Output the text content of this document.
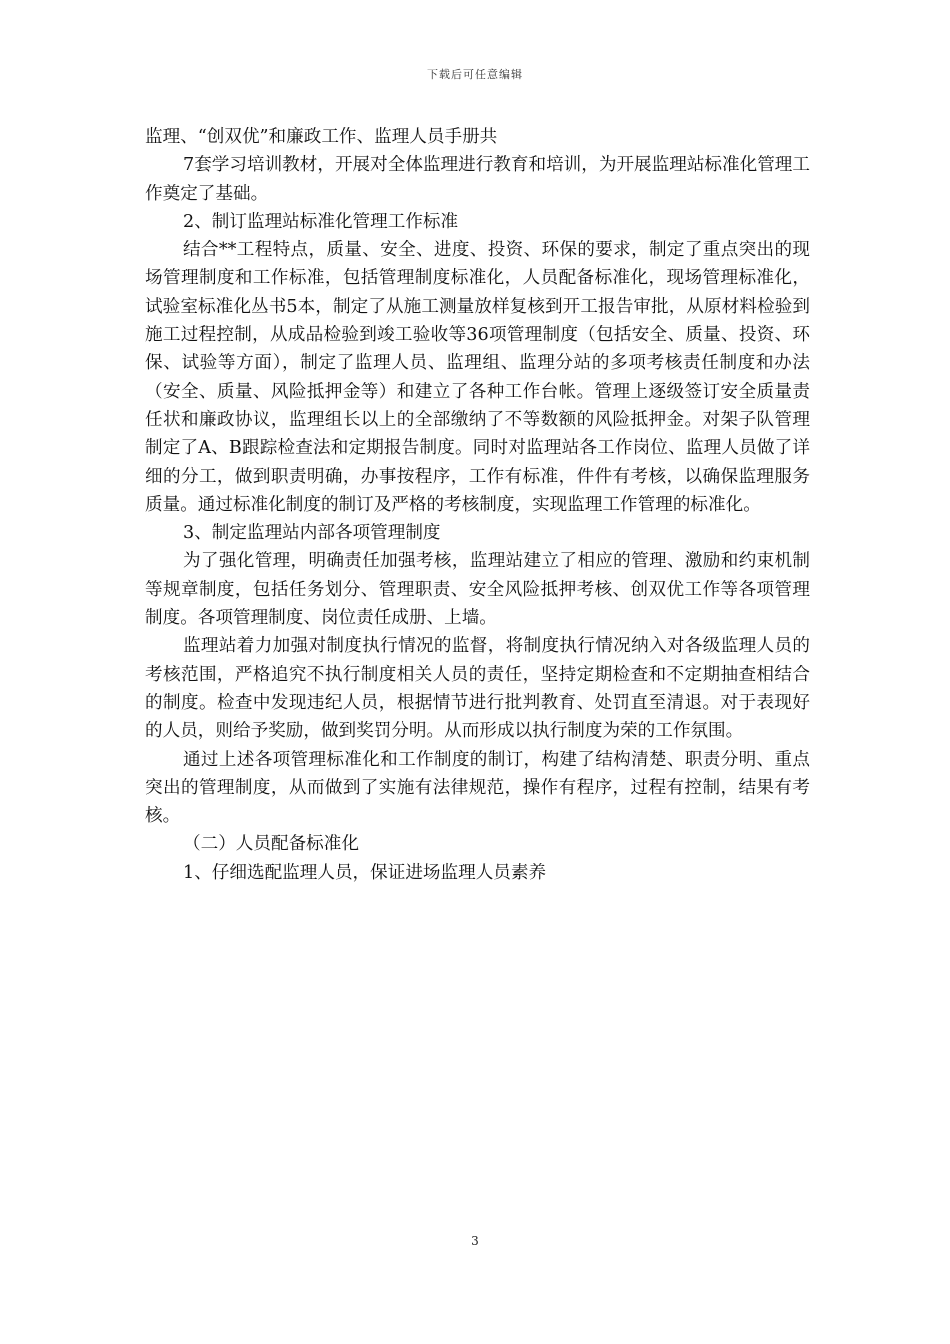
下载后可任意编辑

监理、“创双优”和廉政工作、监理人员手册共

7套学习培训教材，开展对全体监理进行教育和培训，为开展监理站标准化管理工作奠定了基础。

2、制订监理站标准化管理工作标准

结合**工程特点，质量、安全、进度、投资、环保的要求，制定了重点突出的现场管理制度和工作标准，包括管理制度标准化，人员配备标准化，现场管理标准化，试验室标准化丛书5本，制定了从施工测量放样复核到开工报告审批，从原材料检验到施工过程控制，从成品检验到竣工验收等36项管理制度（包括安全、质量、投资、环保、试验等方面），制定了监理人员、监理组、监理分站的多项考核责任制度和办法（安全、质量、风险抵押金等）和建立了各种工作台帐。管理上逐级签订安全质量责任状和廉政协议，监理组长以上的全部缴纳了不等数额的风险抵押金。对架子队管理制定了A、B跟踪检查法和定期报告制度。同时对监理站各工作岗位、监理人员做了详细的分工，做到职责明确，办事按程序，工作有标准，件件有考核，以确保监理服务质量。通过标准化制度的制订及严格的考核制度，实现监理工作管理的标准化。

3、制定监理站内部各项管理制度

为了强化管理，明确责任加强考核，监理站建立了相应的管理、激励和约束机制等规章制度，包括任务划分、管理职责、安全风险抵押考核、创双优工作等各项管理制度。各项管理制度、岗位责任成册、上墙。

监理站着力加强对制度执行情况的监督，将制度执行情况纳入对各级监理人员的考核范围，严格追究不执行制度相关人员的责任，坚持定期检查和不定期抽查相结合的制度。检查中发现违纪人员，根据情节进行批判教育、处罚直至清退。对于表现好的人员，则给予奖励，做到奖罚分明。从而形成以执行制度为荣的工作氛围。

通过上述各项管理标准化和工作制度的制订，构建了结构清楚、职责分明、重点突出的管理制度，从而做到了实施有法律规范，操作有程序，过程有控制，结果有考核。

（二）人员配备标准化

1、仔细选配监理人员，保证进场监理人员素养

3
